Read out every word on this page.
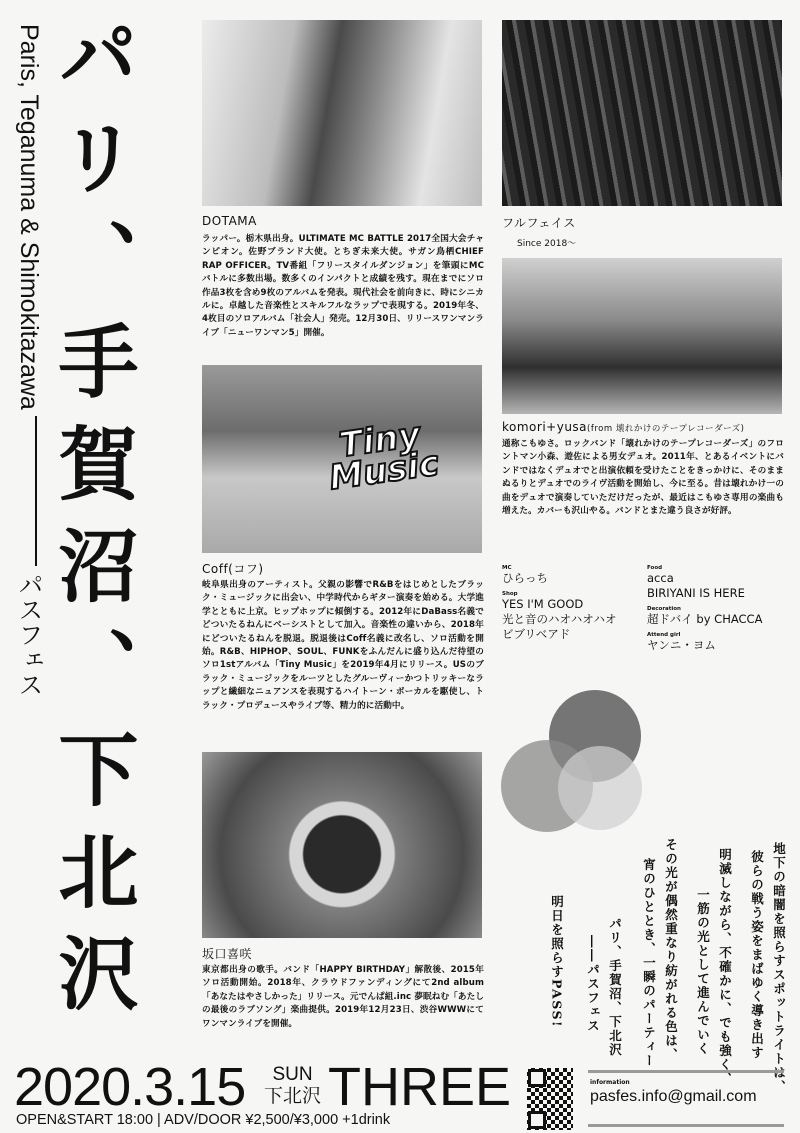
パリ、手賀沼、下北沢
Paris, Teganuma & Shimokitazawaパスフェス
Tiny Music
DOTAMA
ラッパー。栃木県出身。ULTIMATE MC BATTLE 2017全国大会チャンピオン。佐野ブランド大使。とちぎ未来大使。サガン鳥栖CHIEF RAP OFFICER。TV番組「フリースタイルダンジョン」を筆頭にMCバトルに多数出場。数多くのインパクトと成績を残す。現在までにソロ作品3枚を含め9枚のアルバムを発表。現代社会を前向きに、時にシニカルに。卓越した音楽性とスキルフルなラップで表現する。2019年冬、4枚目のソロアルバム「社会人」発売。12月30日、リリースワンマンライブ「ニューワンマン5」開催。
フルフェイス
Since 2018〜
komori+yusa(from 壊れかけのテープレコーダーズ)
通称こもゆさ。ロックバンド「壊れかけのテープレコーダーズ」のフロントマン小森、遊佐による男女デュオ。2011年、とあるイベントにバンドではなくデュオでと出演依頼を受けたことをきっかけに、そのままぬるりとデュオでのライヴ活動を開始し、今に至る。昔は壊れかけ一の曲をデュオで演奏していただけだったが、最近はこもゆさ専用の楽曲も増えた。カバーも沢山やる。バンドとまた違う良さが好評。
Coff(コフ)
岐阜県出身のアーティスト。父親の影響でR&Bをはじめとしたブラック・ミュージックに出会い、中学時代からギター演奏を始める。大学進学とともに上京。ヒップホップに傾倒する。2012年にDaBass名義でどついたるねんにベーシストとして加入。音楽性の違いから、2018年にどついたるねんを脱退。脱退後はCoff名義に改名し、ソロ活動を開始。R&B、HIPHOP、SOUL、FUNKをふんだんに盛り込んだ待望のソロ1stアルバム「Tiny Music」を2019年4月にリリース。USのブラック・ミュージックをルーツとしたグルーヴィーかつトリッキーなラップと繊細なニュアンスを表現するハイトーン・ボーカルを駆使し、トラック・プロデュースやライブ等、精力的に活動中。
坂口喜咲
東京都出身の歌手。バンド「HAPPY BIRTHDAY」解散後、2015年ソロ活動開始。2018年、クラウドファンディングにて2nd album「あなたはやさしかった」リリース。元でんぱ組.inc 夢眠ねむ「あたしの最後のラブソング」楽曲提供。2019年12月23日、渋谷WWWにてワンマンライブを開催。
MC
ひらっち
Shop
YES I'M GOOD
光と音のハオハオハオ
ビブリベアド
Food
acca
BIRIYANI IS HERE
Decoration
超ドバイ by CHACCA
Attend girl
ヤンニ・ヨム
地下の暗闇を照らすスポットライトは、
彼らの戦う姿をまばゆく導き出す
明滅しながら、不確かに、でも強く、
一筋の光として進んでいく
その光が偶然重なり紡がれる色は、
宵のひととき、一瞬のパーティー
パリ、手賀沼、下北沢
――パスフェス
明日を照らすPASS!
2020.3.15	SUN
下北沢 THREE
OPEN&START 18:00 | ADV/DOOR ¥2,500/¥3,000 +1drink
information
pasfes.info@gmail.com
